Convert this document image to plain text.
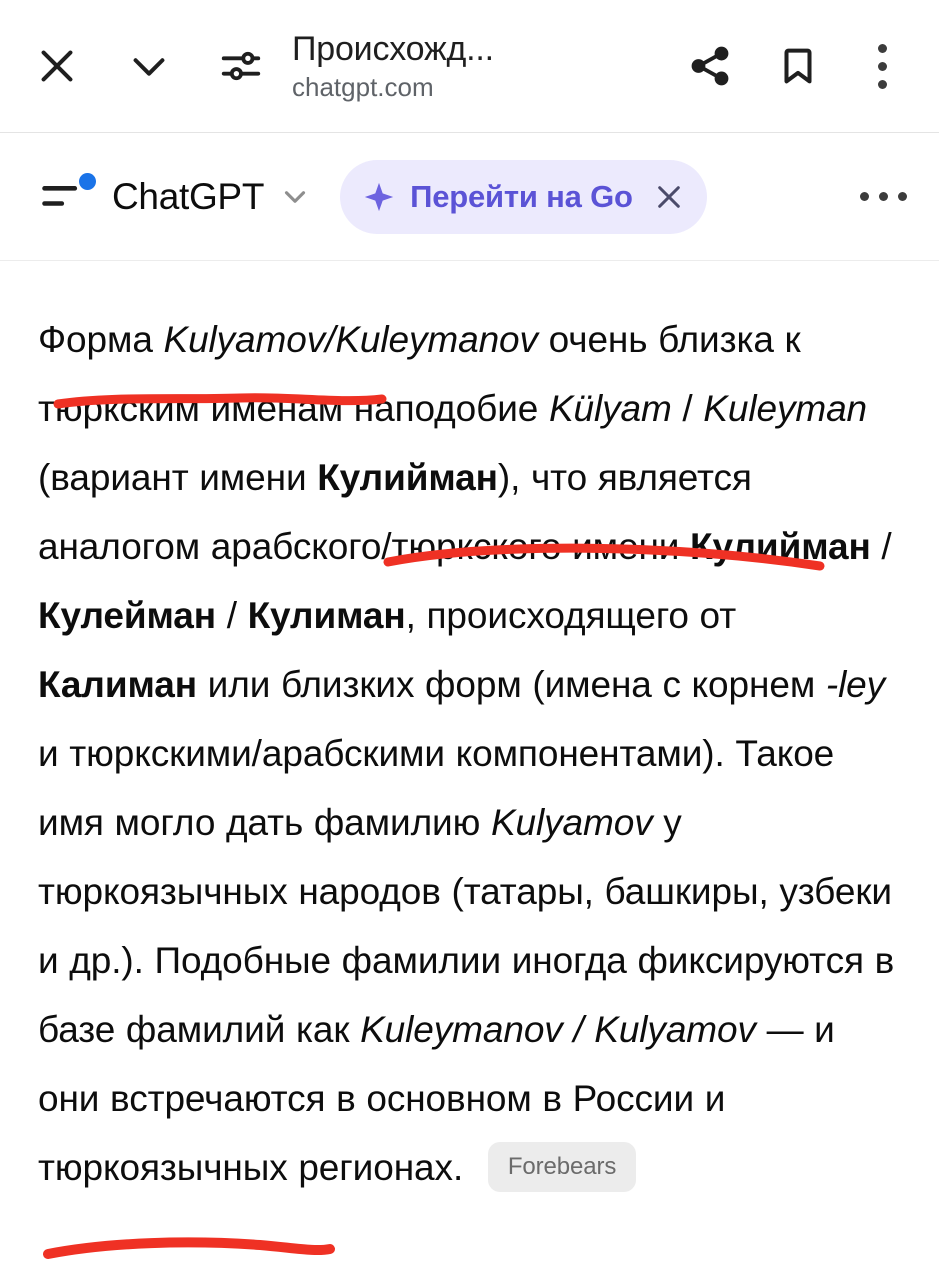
Происхожд...
chatgpt.com
ChatGPT	Перейти на Go
Форма Kulyamov/Kuleymanov очень близка к тюркским именам наподобие Külyam / Kuleyman (вариант имени Кулийман), что является аналогом арабского/тюркского имени Кулийман / Кулейман / Кулиман, происходящего от Калиман или близких форм (имена с корнем -ley и тюркскими/арабскими компонентами). Такое имя могло дать фамилию Kulyamov у тюркоязычных народов (татары, башкиры, узбеки и др.). Подобные фамилии иногда фиксируются в базе фамилий как Kuleymanov / Kulyamov — и они встречаются в основном в России и тюркоязычных регионах. Forebears
